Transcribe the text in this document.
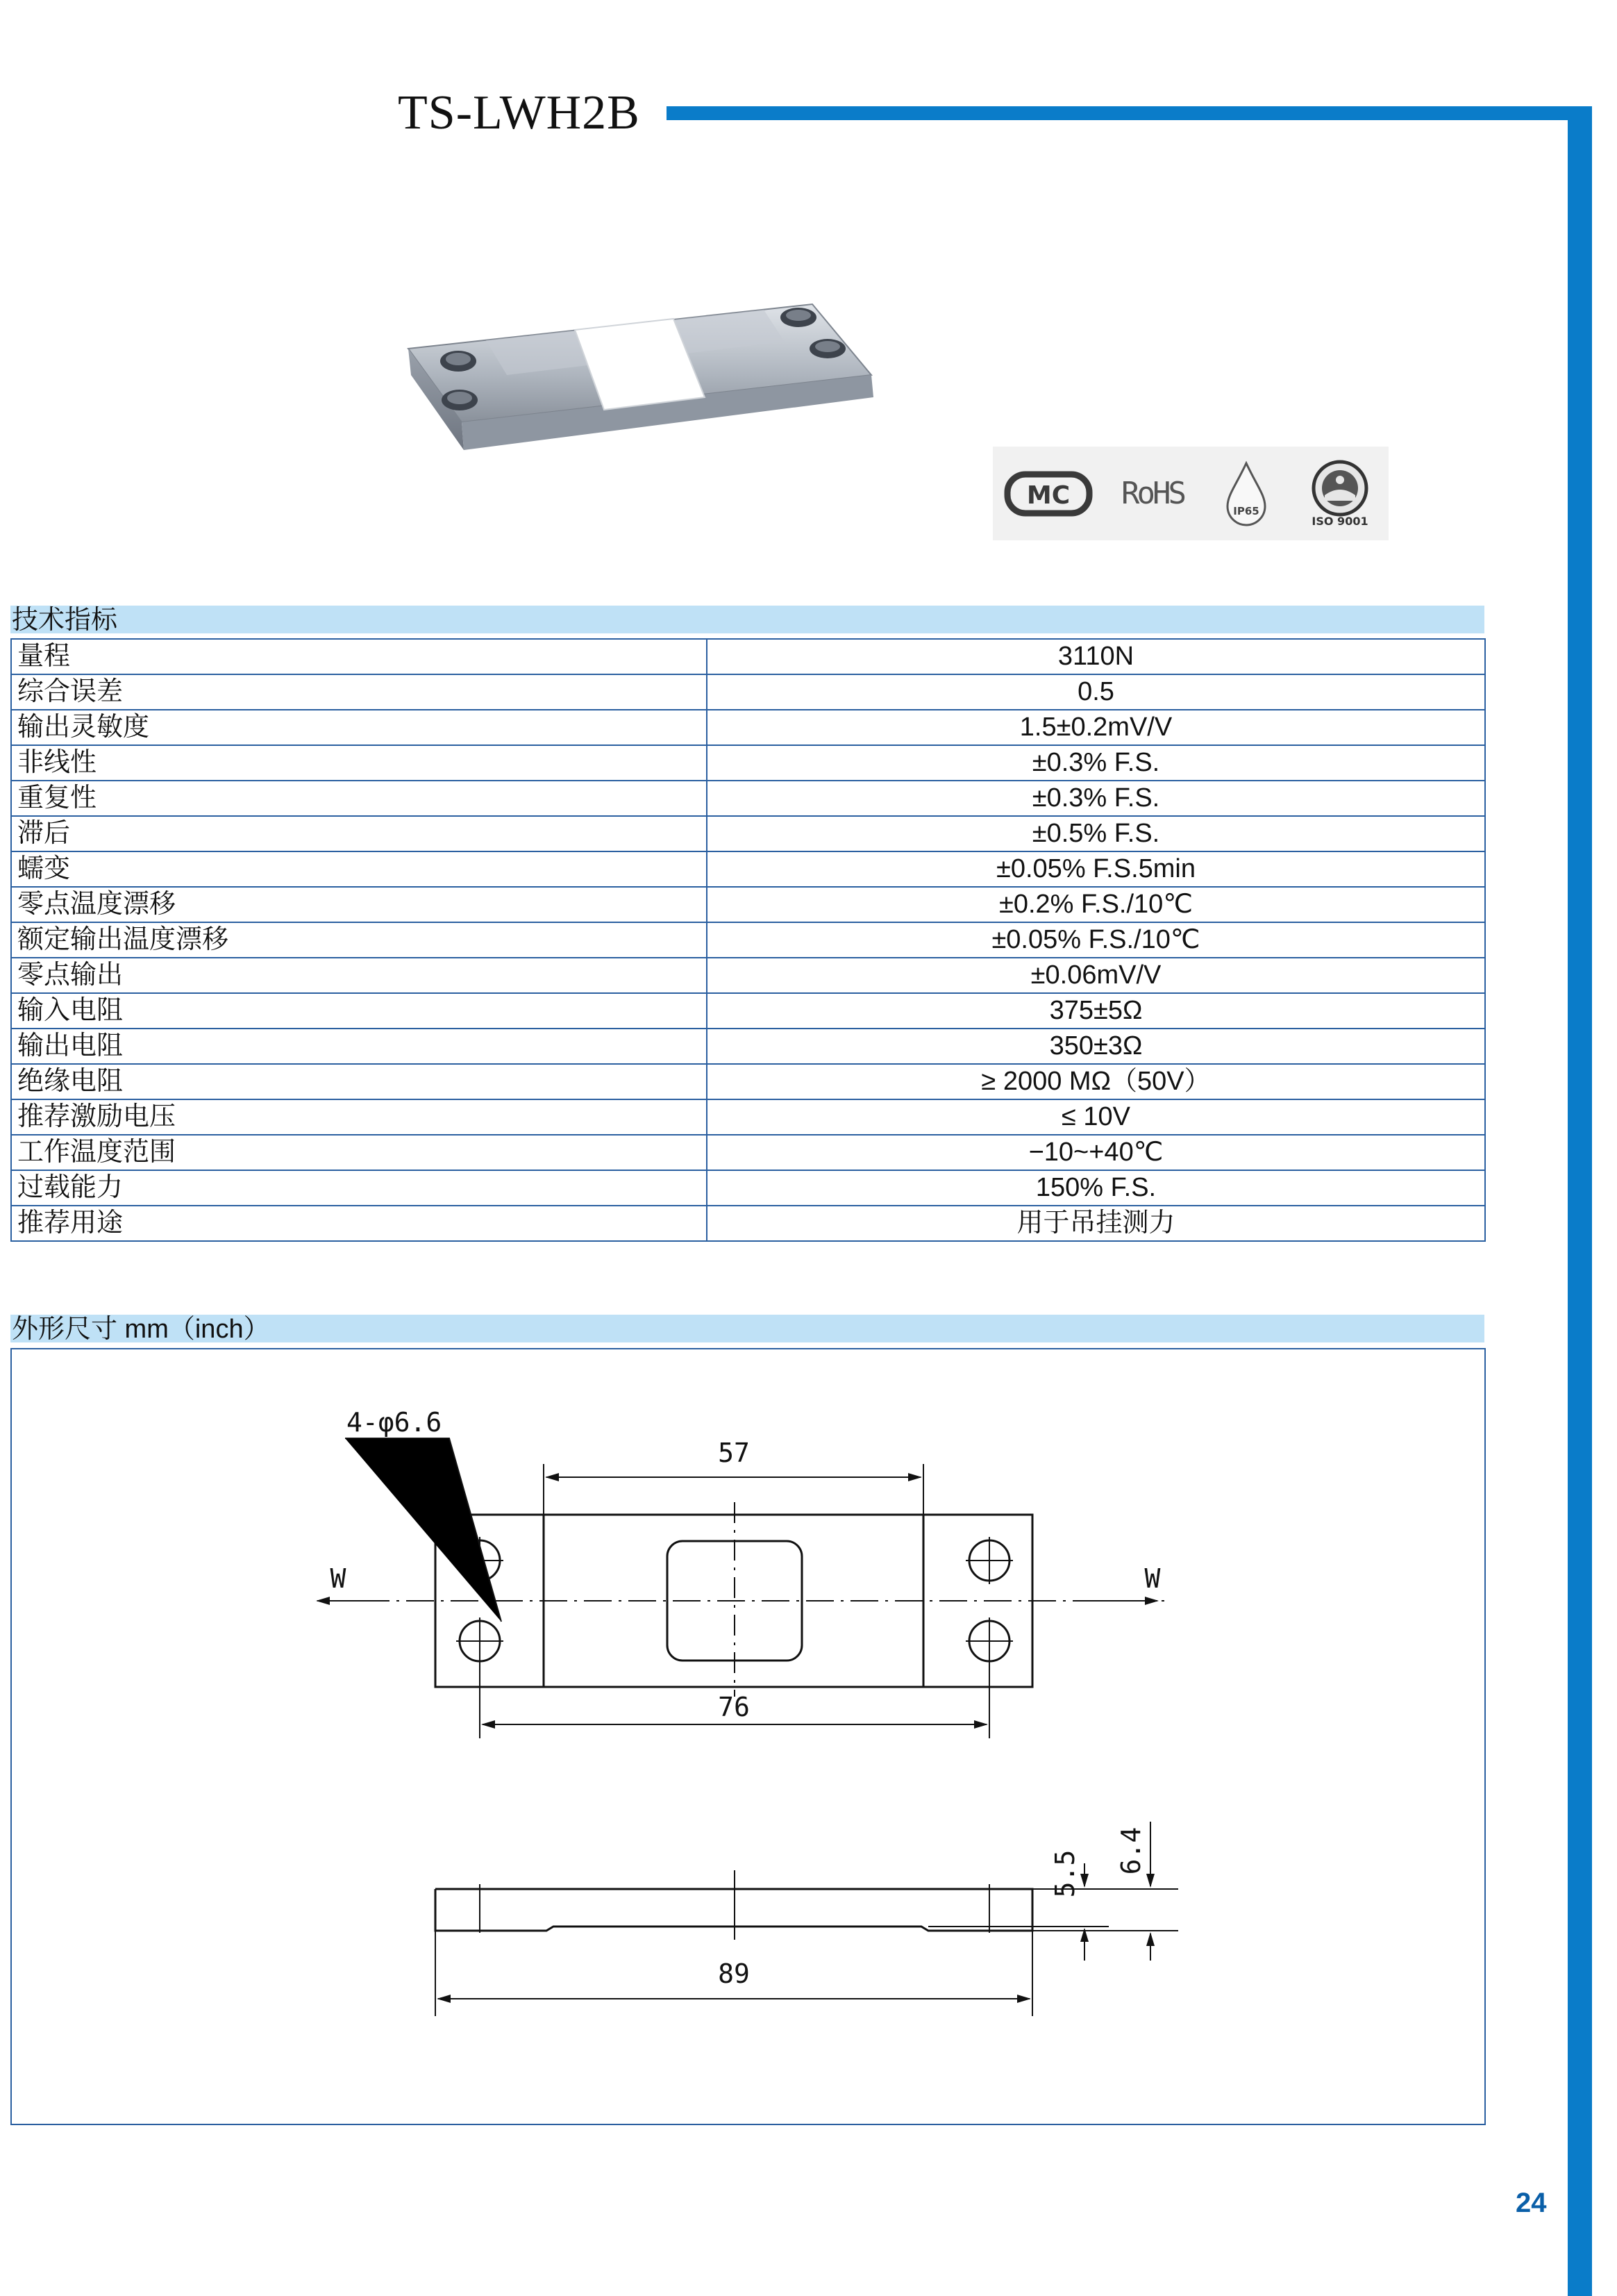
TS-LWH2B
24
MC RoHS	IP65
ISO 9001
技术指标
量程	3110N
综合误差	0.5
输出灵敏度	1.5±0.2mV/V
非线性	±0.3% F.S.
重复性	±0.3% F.S.
滞后	±0.5% F.S.
蠕变	±0.05% F.S.5min
零点温度漂移	±0.2% F.S./10℃
额定输出温度漂移	±0.05% F.S./10℃
零点输出	±0.06mV/V
输入电阻	375±5Ω
输出电阻	350±3Ω
绝缘电阻	≥ 2000 MΩ（50V）
推荐激励电压	≤ 10V
工作温度范围	−10~+40℃
过载能力	150% F.S.
推荐用途	用于吊挂测力
外形尺寸 mm（inch）
4-φ6.6
57
76
89
W	W
5.5 6.4
